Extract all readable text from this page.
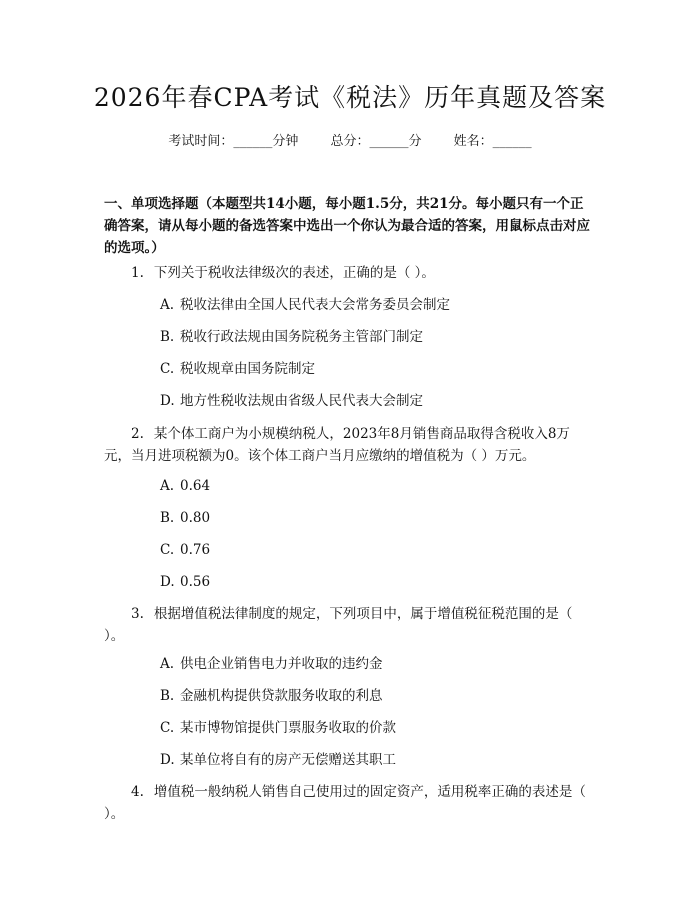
2026年春CPA考试《税法》历年真题及答案
考试时间：______分钟 总分：______分 姓名：______
一、单项选择题（本题型共14小题，每小题1.5分，共21分。每小题只有一个正确答案，请从每小题的备选答案中选出一个你认为最合适的答案，用鼠标点击对应的选项。）
1. 下列关于税收法律级次的表述，正确的是（ ）。
A. 税收法律由全国人民代表大会常务委员会制定
B. 税收行政法规由国务院税务主管部门制定
C. 税收规章由国务院制定
D. 地方性税收法规由省级人民代表大会制定
2. 某个体工商户为小规模纳税人，2023年8月销售商品取得含税收入8万元，当月进项税额为0。该个体工商户当月应缴纳的增值税为（ ）万元。
A. 0.64
B. 0.80
C. 0.76
D. 0.56
3. 根据增值税法律制度的规定，下列项目中，属于增值税征税范围的是（ ）。
A. 供电企业销售电力并收取的违约金
B. 金融机构提供贷款服务收取的利息
C. 某市博物馆提供门票服务收取的价款
D. 某单位将自有的房产无偿赠送其职工
4. 增值税一般纳税人销售自己使用过的固定资产，适用税率正确的表述是（ ）。
